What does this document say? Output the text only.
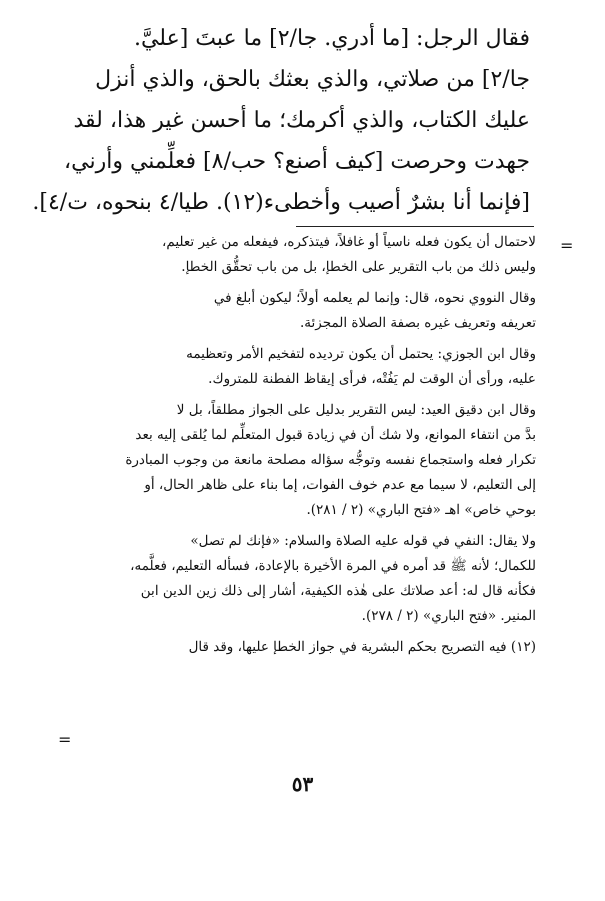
فقال الرجل: [ما أدري. جا/٢] ما عبتَ [عليَّ.
جا/٢] من صلاتي، والذي بعثك بالحق، والذي أنزل
عليك الكتاب، والذي أكرمك؛ ما أحسن غير هذا، لقد
جهدت وحرصت [كيف أصنع؟ حب/٨] فعلِّمني وأرني،
[فإنما أنا بشرٌ أصيب وأخطىء(١٢). طيا/٤ بنحوه، ت/٤].
=
لاحتمال أن يكون فعله ناسياً أو غافلاً، فيتذكره، فيفعله من غير تعليم،
وليس ذلك من باب التقرير على الخطإ، بل من باب تحقُّق الخطإ.
وقال النووي نحوه، قال: وإنما لم يعلمه أولاً؛ ليكون أبلغ في
تعريفه وتعريف غيره بصفة الصلاة المجزئة.
وقال ابن الجوزي: يحتمل أن يكون ترديده لتفخيم الأمر وتعظيمه
عليه، ورأى أن الوقت لم يَفُتْه، فرأى إيقاظ الفطنة للمتروك.
وقال ابن دقيق العيد: ليس التقرير بدليل على الجواز مطلقاً، بل لا
بدَّ من انتفاء الموانع، ولا شك أن في زيادة قبول المتعلِّم لما يُلقى إليه بعد
تكرار فعله واستجماع نفسه وتوجُّه سؤاله مصلحة مانعة من وجوب المبادرة
إلى التعليم، لا سيما مع عدم خوف الفوات، إما بناء على ظاهر الحال، أو
بوحي خاص» اهـ «فتح الباري» (٢ / ٢٨١).
ولا يقال: النفي في قوله عليه الصلاة والسلام: «فإنك لم تصل»
للكمال؛ لأنه ﷺ قد أمره في المرة الأخيرة بالإعادة، فسأله التعليم، فعلَّمه،
فكأنه قال له: أعد صلاتك على هٰذه الكيفية، أشار إلى ذلك زين الدين ابن
المنير. «فتح الباري» (٢ / ٢٧٨).
(١٢) فيه التصريح بحكم البشرية في جواز الخطإ عليها، وقد قال
=
٥٣
